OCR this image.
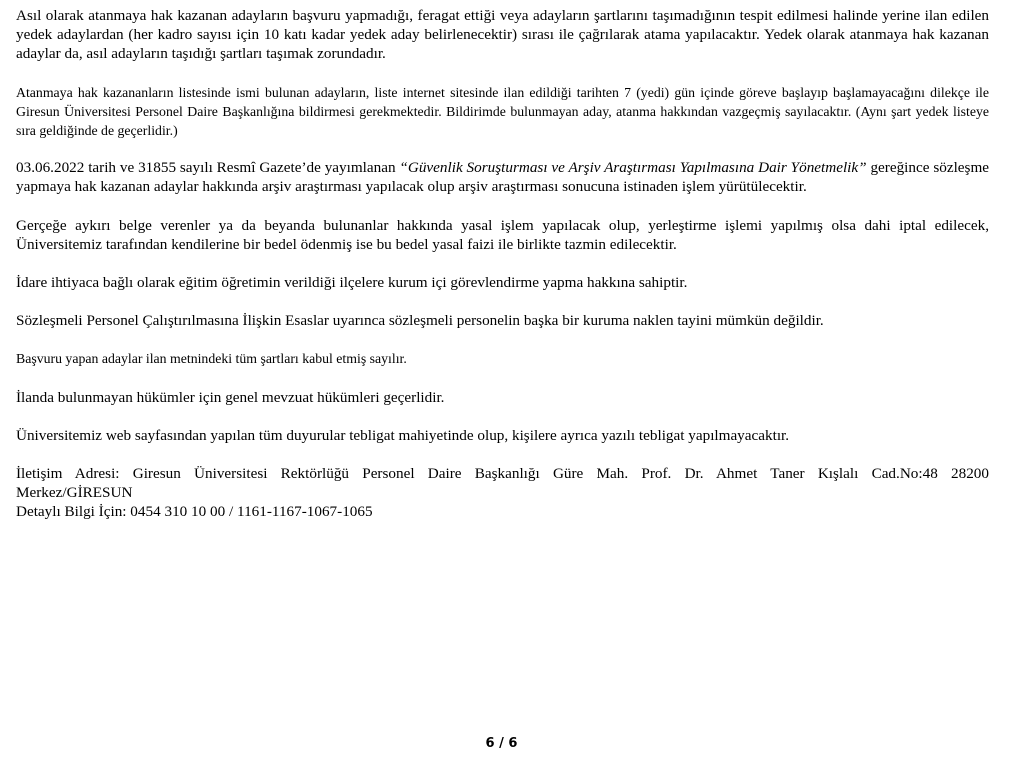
Asıl olarak atanmaya hak kazanan adayların başvuru yapmadığı, feragat ettiği veya adayların şartlarını taşımadığının tespit edilmesi halinde yerine ilan edilen yedek adaylardan (her kadro sayısı için 10 katı kadar yedek aday belirlenecektir) sırası ile çağrılarak atama yapılacaktır. Yedek olarak atanmaya hak kazanan adaylar da, asıl adayların taşıdığı şartları taşımak zorundadır.

Atanmaya hak kazananların listesinde ismi bulunan adayların, liste internet sitesinde ilan edildiği tarihten 7 (yedi) gün içinde göreve başlayıp başlamayacağını dilekçe ile Giresun Üniversitesi Personel Daire Başkanlığına bildirmesi gerekmektedir. Bildirimde bulunmayan aday, atanma hakkından vazgeçmiş sayılacaktır. (Aynı şart yedek listeye sıra geldiğinde de geçerlidir.)

03.06.2022 tarih ve 31855 sayılı Resmî Gazete’de yayımlanan “Güvenlik Soruşturması ve Arşiv Araştırması Yapılmasına Dair Yönetmelik” gereğince sözleşme yapmaya hak kazanan adaylar hakkında arşiv araştırması yapılacak olup arşiv araştırması sonucuna istinaden işlem yürütülecektir.

Gerçeğe aykırı belge verenler ya da beyanda bulunanlar hakkında yasal işlem yapılacak olup, yerleştirme işlemi yapılmış olsa dahi iptal edilecek, Üniversitemiz tarafından kendilerine bir bedel ödenmiş ise bu bedel yasal faizi ile birlikte tazmin edilecektir.

İdare ihtiyaca bağlı olarak eğitim öğretimin verildiği ilçelere kurum içi görevlendirme yapma hakkına sahiptir.

Sözleşmeli Personel Çalıştırılmasına İlişkin Esaslar uyarınca sözleşmeli personelin başka bir kuruma naklen tayini mümkün değildir.

Başvuru yapan adaylar ilan metnindeki tüm şartları kabul etmiş sayılır.

İlanda bulunmayan hükümler için genel mevzuat hükümleri geçerlidir.

Üniversitemiz web sayfasından yapılan tüm duyurular tebligat mahiyetinde olup, kişilere ayrıca yazılı tebligat yapılmayacaktır.

İletişim Adresi: Giresun Üniversitesi Rektörlüğü Personel Daire Başkanlığı Güre Mah. Prof. Dr. Ahmet Taner Kışlalı Cad.No:48 28200
Merkez/GİRESUN
Detaylı Bilgi İçin: 0454 310 10 00 / 1161-1167-1067-1065
6 / 6
